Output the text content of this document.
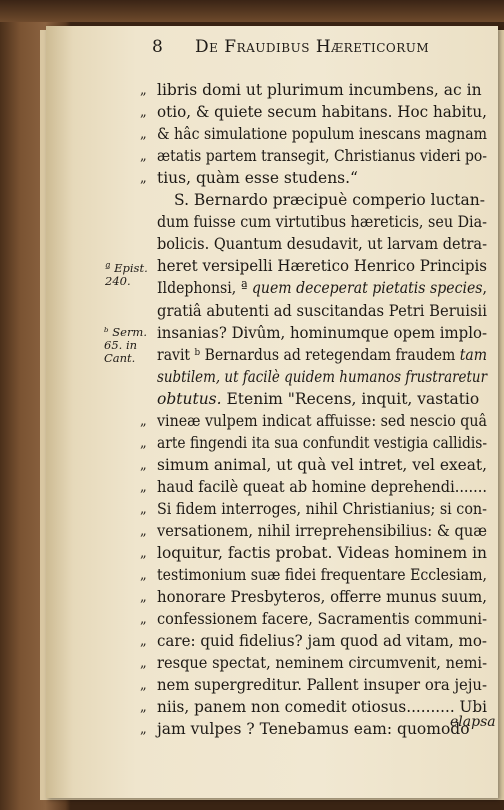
8 De Fraudibus Hæreticorum
„ libris domi ut plurimum incumbens, ac in
„ otio, & quiete secum habitans. Hoc habitu,
„ & hâc simulatione populum inescans magnam
„ ætatis partem transegit, Christianus videri po-
„ tius, quàm esse studens.“
S. Bernardo præcipuè comperio luctan-
dum fuisse cum virtutibus hæreticis, seu Dia-
bolicis. Quantum desudavit, ut larvam detra-
heret versipelli Hæretico Henrico Principis
Ildephonsi, ª quem deceperat pietatis species,
gratiâ abutenti ad suscitandas Petri Beruisii
insanias? Divûm, hominumque opem implo-
ravit ᵇ Bernardus ad retegendam fraudem tam
subtilem, ut facilè quidem humanos frustraretur
obtutus. Etenim "Recens, inquit, vastatio
„ vineæ vulpem indicat affuisse: sed nescio quâ
„ arte fingendi ita sua confundit vestigia callidis-
„ simum animal, ut quà vel intret, vel exeat,
„ haud facilè queat ab homine deprehendi.......
„ Si fidem interroges, nihil Christianius; si con-
„ versationem, nihil irreprehensibilius: & quæ
„ loquitur, factis probat. Videas hominem in
„ testimonium suæ fidei frequentare Ecclesiam,
„ honorare Presbyteros, offerre munus suum,
„ confessionem facere, Sacramentis communi-
„ care: quid fidelius? jam quod ad vitam, mo-
„ resque spectat, neminem circumvenit, nemi-
„ nem supergreditur. Pallent insuper ora jeju-
„ niis, panem non comedit otiosus.......... Ubi
„ jam vulpes ? Tenebamus eam: quomodo
ª Epist. 240.
ᵇ Serm. 65. in Cant.
elapsa
